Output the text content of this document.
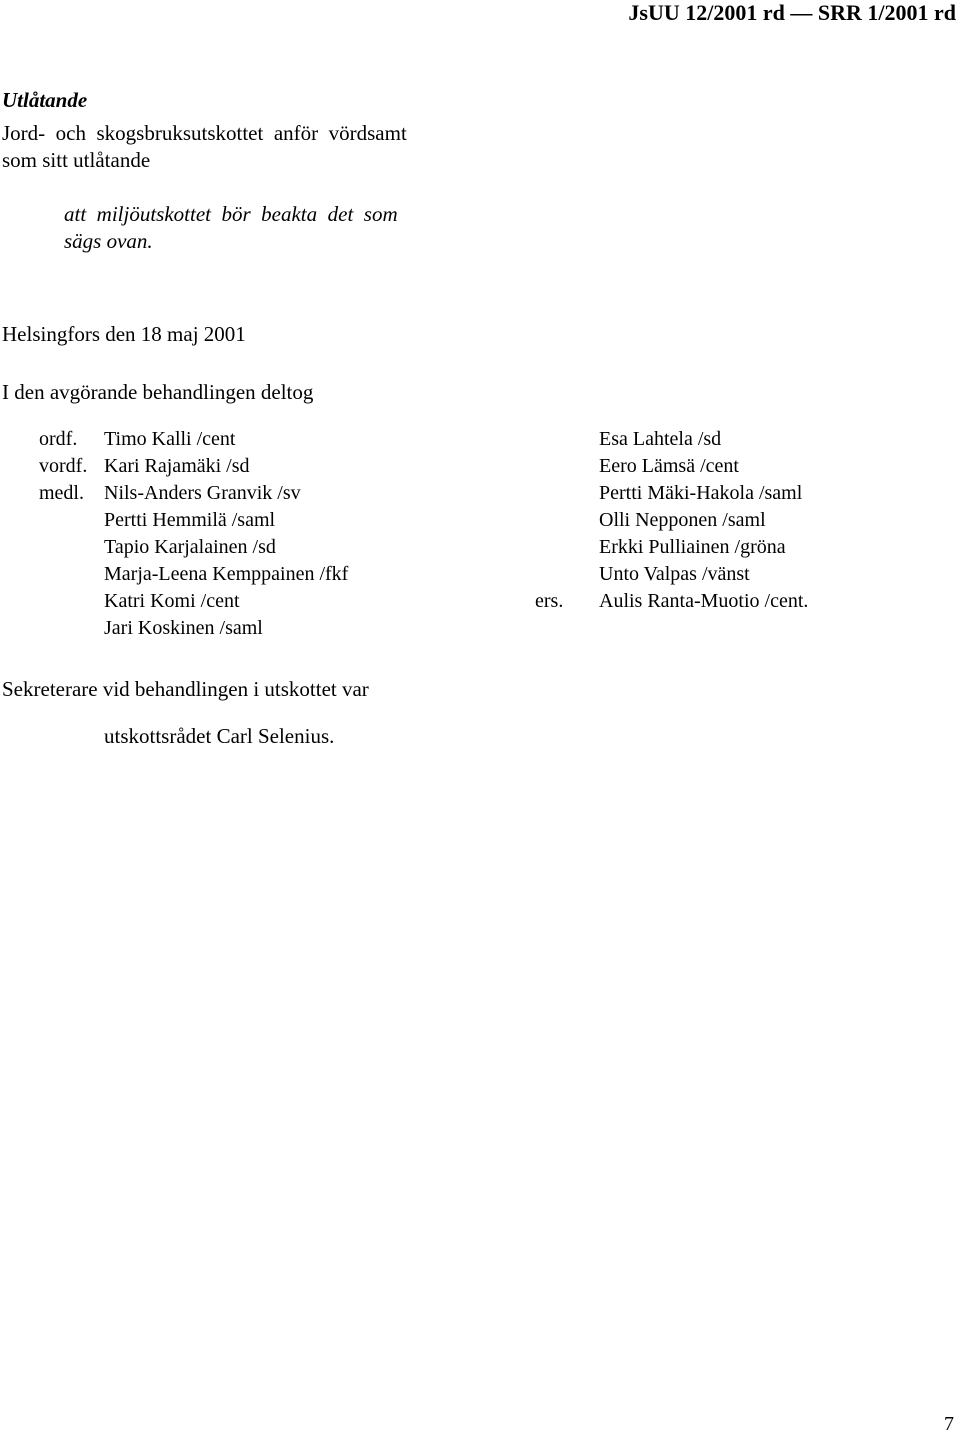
JsUU 12/2001 rd — SRR 1/2001 rd
Utlåtande
Jord-  och  skogsbruksutskottet  anför  vördsamt
som sitt utlåtande
att  miljöutskottet  bör  beakta  det  som
sägs ovan.
Helsingfors den 18 maj 2001
I den avgörande behandlingen deltog
ordf.
vordf.
medl.
Timo Kalli /cent
Kari Rajamäki /sd
Nils-Anders Granvik /sv
Pertti Hemmilä /saml
Tapio Karjalainen /sd
Marja-Leena Kemppainen /fkf
Katri Komi /cent
Jari Koskinen /saml
Esa Lahtela /sd
Eero Lämsä /cent
Pertti Mäki-Hakola /saml
Olli Nepponen /saml
Erkki Pulliainen /gröna
Unto Valpas /vänst
ers. Aulis Ranta-Muotio /cent.
Sekreterare vid behandlingen i utskottet var
utskottsrådet Carl Selenius.
7
